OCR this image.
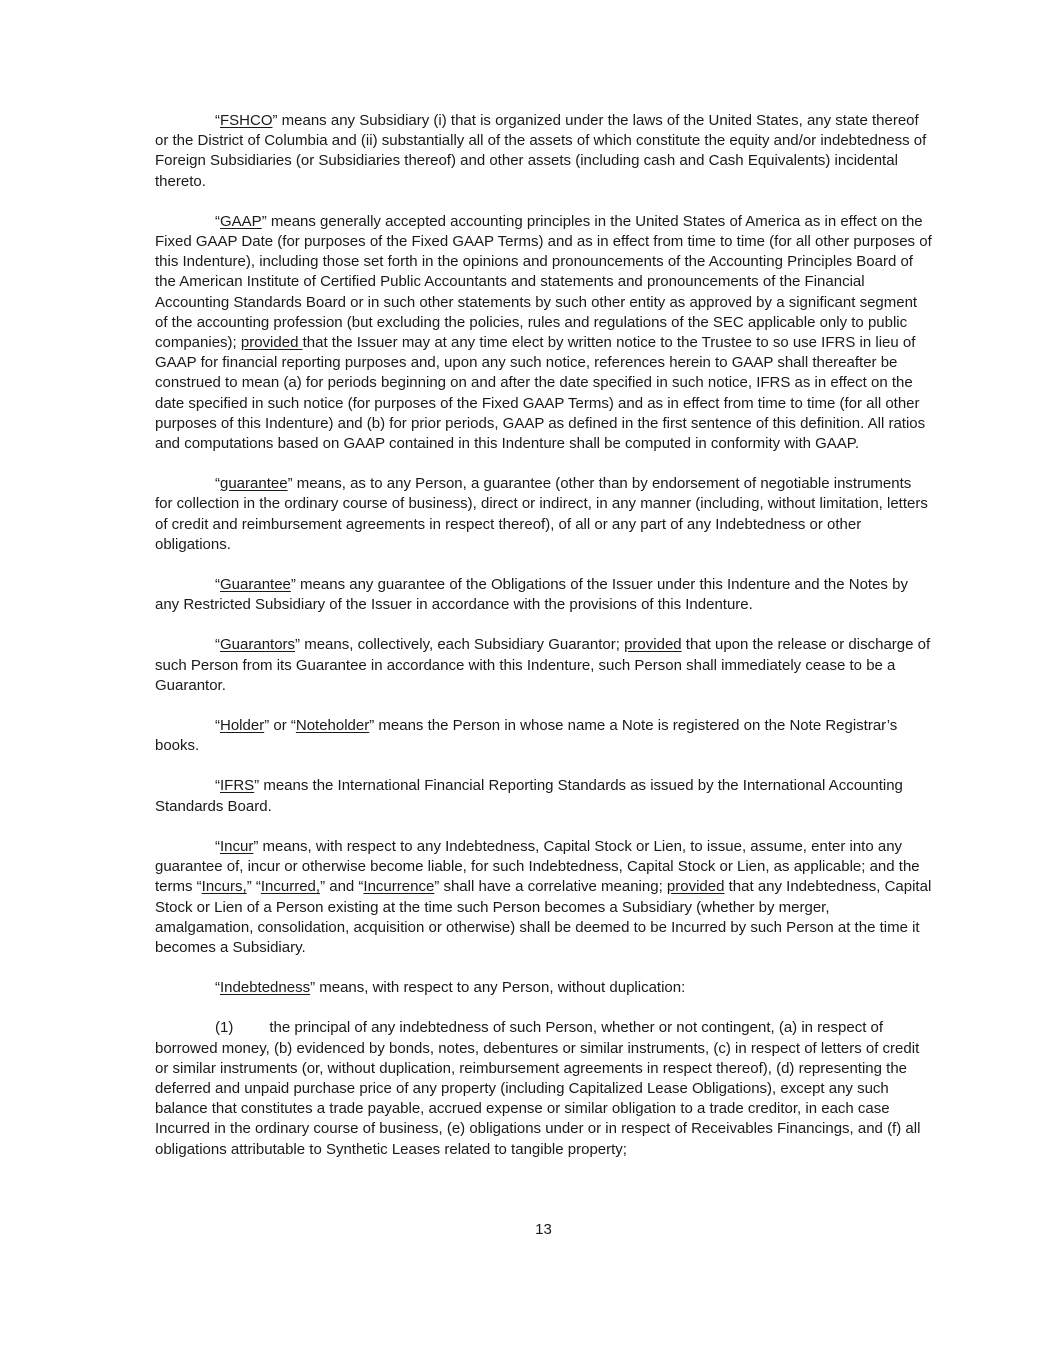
“FSHCO” means any Subsidiary (i) that is organized under the laws of the United States, any state thereof or the District of Columbia and (ii) substantially all of the assets of which constitute the equity and/or indebtedness of Foreign Subsidiaries (or Subsidiaries thereof) and other assets (including cash and Cash Equivalents) incidental thereto.

“GAAP” means generally accepted accounting principles in the United States of America as in effect on the Fixed GAAP Date (for purposes of the Fixed GAAP Terms) and as in effect from time to time (for all other purposes of this Indenture), including those set forth in the opinions and pronouncements of the Accounting Principles Board of the American Institute of Certified Public Accountants and statements and pronouncements of the Financial Accounting Standards Board or in such other statements by such other entity as approved by a significant segment of the accounting profession (but excluding the policies, rules and regulations of the SEC applicable only to public companies); provided that the Issuer may at any time elect by written notice to the Trustee to so use IFRS in lieu of GAAP for financial reporting purposes and, upon any such notice, references herein to GAAP shall thereafter be construed to mean (a) for periods beginning on and after the date specified in such notice, IFRS as in effect on the date specified in such notice (for purposes of the Fixed GAAP Terms) and as in effect from time to time (for all other purposes of this Indenture) and (b) for prior periods, GAAP as defined in the first sentence of this definition. All ratios and computations based on GAAP contained in this Indenture shall be computed in conformity with GAAP.

“guarantee” means, as to any Person, a guarantee (other than by endorsement of negotiable instruments for collection in the ordinary course of business), direct or indirect, in any manner (including, without limitation, letters of credit and reimbursement agreements in respect thereof), of all or any part of any Indebtedness or other obligations.

“Guarantee” means any guarantee of the Obligations of the Issuer under this Indenture and the Notes by any Restricted Subsidiary of the Issuer in accordance with the provisions of this Indenture.

“Guarantors” means, collectively, each Subsidiary Guarantor; provided that upon the release or discharge of such Person from its Guarantee in accordance with this Indenture, such Person shall immediately cease to be a Guarantor.

“Holder” or “Noteholder” means the Person in whose name a Note is registered on the Note Registrar’s books.

“IFRS” means the International Financial Reporting Standards as issued by the International Accounting Standards Board.

“Incur” means, with respect to any Indebtedness, Capital Stock or Lien, to issue, assume, enter into any guarantee of, incur or otherwise become liable, for such Indebtedness, Capital Stock or Lien, as applicable; and the terms “Incurs,” “Incurred,” and “Incurrence” shall have a correlative meaning; provided that any Indebtedness, Capital Stock or Lien of a Person existing at the time such Person becomes a Subsidiary (whether by merger, amalgamation, consolidation, acquisition or otherwise) shall be deemed to be Incurred by such Person at the time it becomes a Subsidiary.

“Indebtedness” means, with respect to any Person, without duplication:

(1) the principal of any indebtedness of such Person, whether or not contingent, (a) in respect of borrowed money, (b) evidenced by bonds, notes, debentures or similar instruments, (c) in respect of letters of credit or similar instruments (or, without duplication, reimbursement agreements in respect thereof), (d) representing the deferred and unpaid purchase price of any property (including Capitalized Lease Obligations), except any such balance that constitutes a trade payable, accrued expense or similar obligation to a trade creditor, in each case Incurred in the ordinary course of business, (e) obligations under or in respect of Receivables Financings, and (f) all obligations attributable to Synthetic Leases related to tangible property;

13
